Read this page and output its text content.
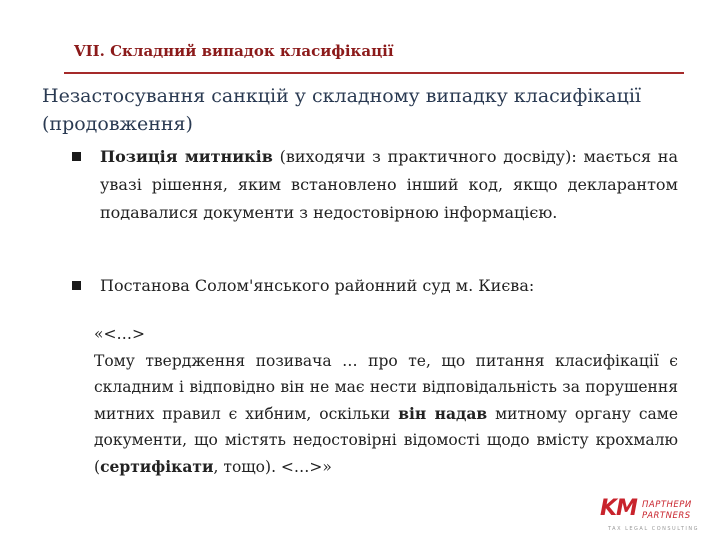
VII. Складний випадок класифікації
Незастосування санкцій у складному випадку класифікації (продовження)
Позиція митників (виходячи з практичного досвіду): мається на увазі рішення, яким встановлено інший код, якщо декларантом подавалися документи з недостовірною інформацією.
Постанова Солом'янського районний суд м. Києва:
«<…>
Тому твердження позивача … про те, що питання класифікації є складним і відповідно він не має нести відповідальність за порушення митних правил є хибним, оскільки він надав митному органу саме документи, що містять недостовірні відомості щодо вмісту крохмалю (сертифікати, тощо). <…>»
KM ПАРТНЕРИ
PARTNERS
TAX LEGAL CONSULTING
